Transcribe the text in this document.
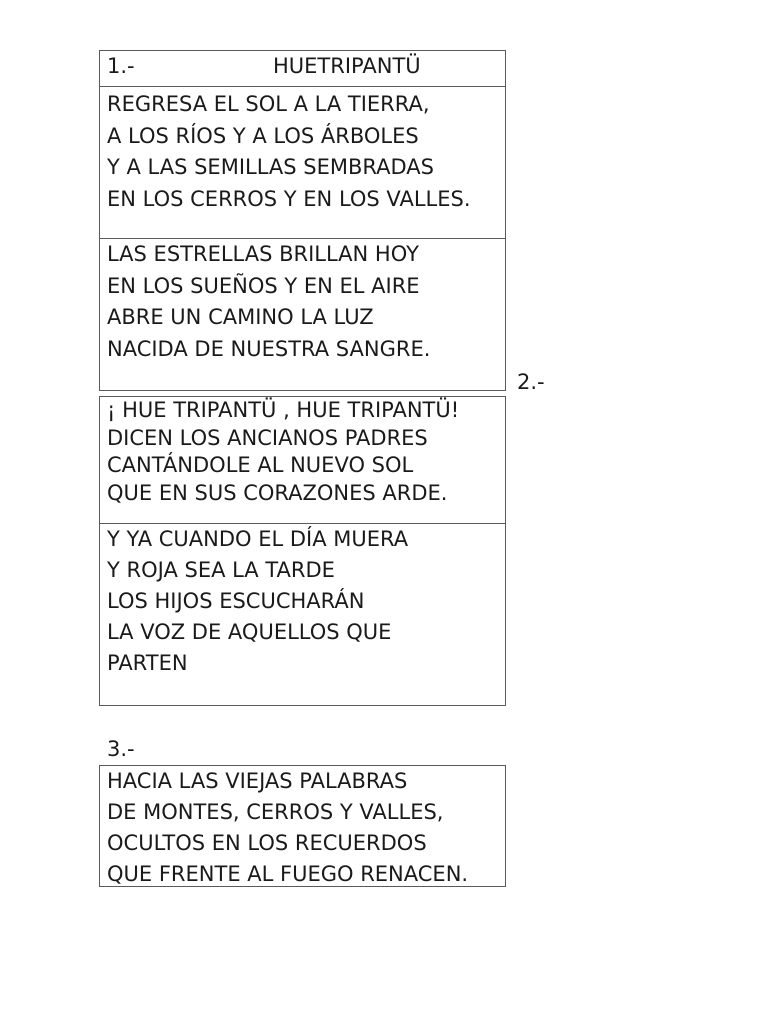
1.-	HUETRIPANTÜ
REGRESA EL SOL A LA TIERRA,
A LOS RÍOS Y A LOS ÁRBOLES
Y A LAS SEMILLAS SEMBRADAS
EN LOS CERROS Y EN LOS VALLES.
LAS ESTRELLAS BRILLAN HOY
EN LOS SUEÑOS Y EN EL AIRE
ABRE UN CAMINO LA LUZ
NACIDA DE NUESTRA SANGRE.
2.-
¡ HUE TRIPANTÜ , HUE TRIPANTÜ!
DICEN LOS ANCIANOS PADRES
CANTÁNDOLE AL NUEVO SOL
QUE EN SUS CORAZONES ARDE.
Y YA CUANDO EL DÍA MUERA
Y ROJA SEA LA TARDE
LOS HIJOS ESCUCHARÁN
LA VOZ DE AQUELLOS QUE
PARTEN
3.-
HACIA LAS VIEJAS PALABRAS
DE MONTES, CERROS Y VALLES,
OCULTOS EN LOS RECUERDOS
QUE FRENTE AL FUEGO RENACEN.
